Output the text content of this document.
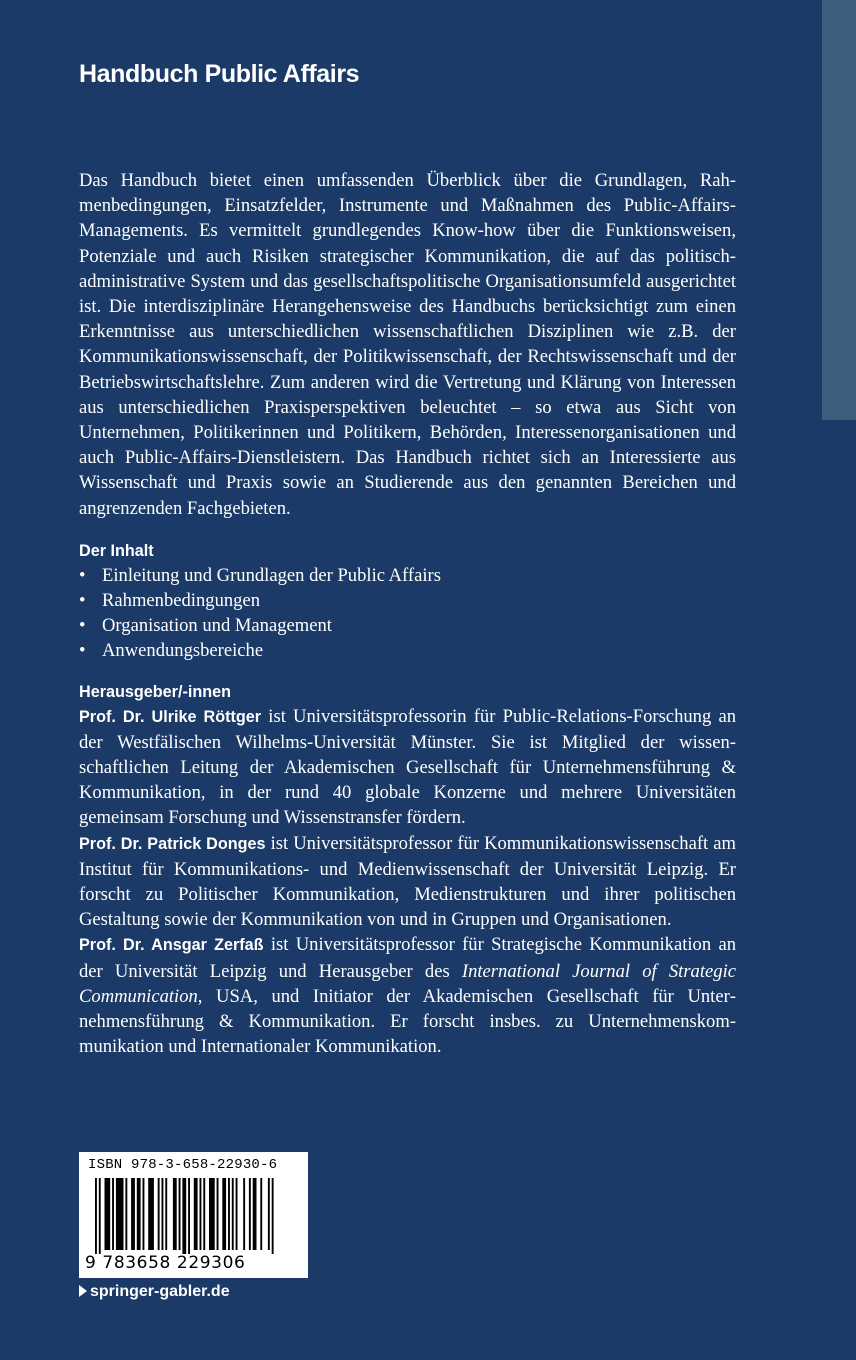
Handbuch Public Affairs

Das Handbuch bietet einen umfassenden Überblick über die Grundlagen, Rahmenbedingungen, Einsatzfelder, Instrumente und Maßnahmen des Public-Affairs-Managements. Es vermittelt grundlegendes Know-how über die Funktionsweisen, Potenziale und auch Risiken strategischer Kommunikation, die auf das politisch-administrative System und das gesellschaftspolitische Organisationsumfeld ausgerichtet ist. Die interdisziplinäre Herangehensweise des Handbuchs berücksichtigt zum einen Erkenntnisse aus unterschiedlichen wissenschaftlichen Disziplinen wie z.B. der Kommunikationswissenschaft, der Politikwissenschaft, der Rechtswissenschaft und der Betriebswirtschaftslehre. Zum anderen wird die Vertretung und Klärung von Interessen aus unterschiedlichen Praxisperspektiven beleuchtet – so etwa aus Sicht von Unternehmen, Politikerinnen und Politikern, Behörden, Interessenorganisationen und auch Public-Affairs-Dienstleistern. Das Handbuch richtet sich an Interessierte aus Wissenschaft und Praxis sowie an Studierende aus den genannten Bereichen und angrenzenden Fachgebieten.

Der Inhalt
• Einleitung und Grundlagen der Public Affairs
• Rahmenbedingungen
• Organisation und Management
• Anwendungsbereiche
Herausgeber/-innen

Prof. Dr. Ulrike Röttger ist Universitätsprofessorin für Public-Relations-Forschung an der Westfälischen Wilhelms-Universität Münster. Sie ist Mitglied der wissenschaftlichen Leitung der Akademischen Gesellschaft für Unternehmensführung & Kommunikation, in der rund 40 globale Konzerne und mehrere Universitäten gemeinsam Forschung und Wissenstransfer fördern.

Prof. Dr. Patrick Donges ist Universitätsprofessor für Kommunikationswissenschaft am Institut für Kommunikations- und Medienwissenschaft der Universität Leipzig. Er forscht zu Politischer Kommunikation, Medienstrukturen und ihrer politischen Gestaltung sowie der Kommunikation von und in Gruppen und Organisationen.

Prof. Dr. Ansgar Zerfaß ist Universitätsprofessor für Strategische Kommunikation an der Universität Leipzig und Herausgeber des International Journal of Strategic Communication, USA, und Initiator der Akademischen Gesellschaft für Unternehmensführung & Kommunikation. Er forscht insbes. zu Unternehmenskommunikation und Internationaler Kommunikation.

ISBN 978-3-658-22930-6
9 783658 229306
springer-gabler.de
